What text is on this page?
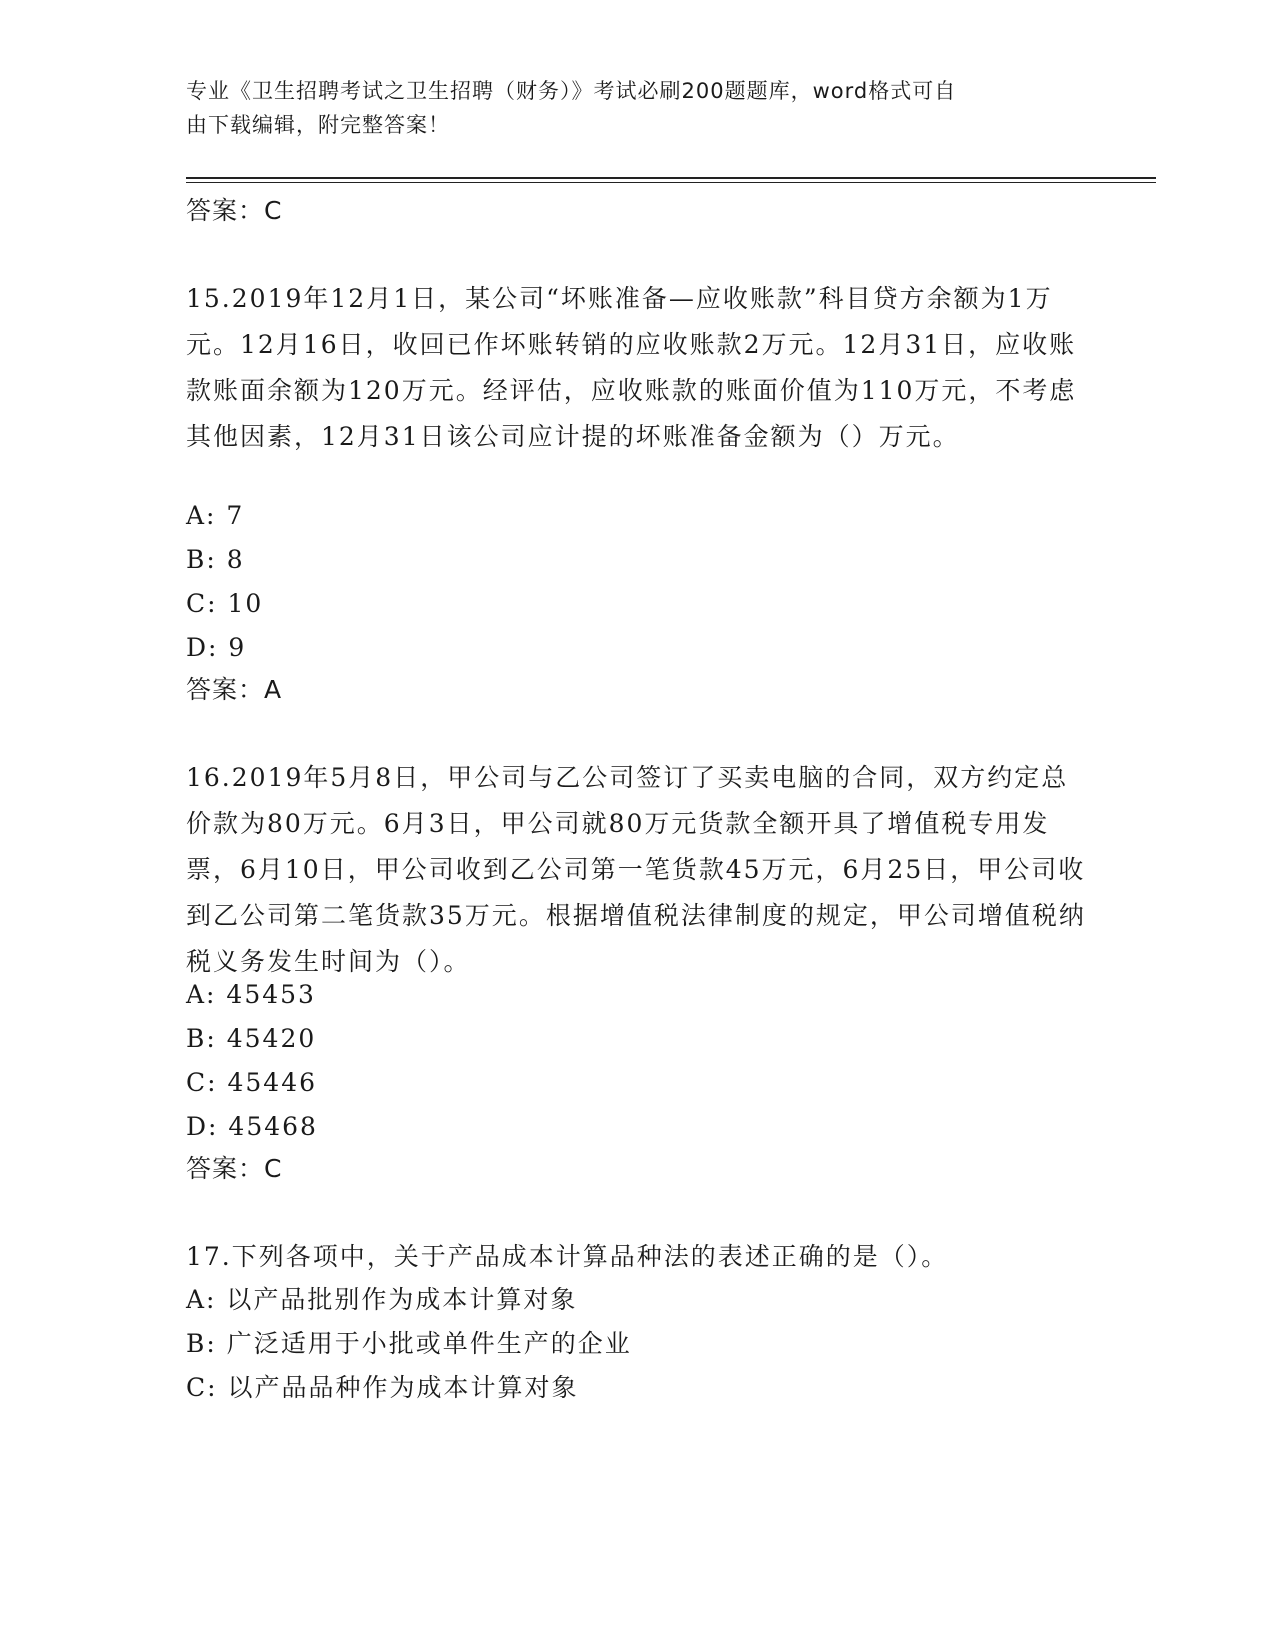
专业《卫生招聘考试之卫生招聘（财务）》考试必刷200题题库，word格式可自
由下载编辑，附完整答案！
答案：C
15.2019年12月1日，某公司“坏账准备—应收账款”科目贷方余额为1万元。12月16日，收回已作坏账转销的应收账款2万元。12月31日，应收账款账面余额为120万元。经评估，应收账款的账面价值为110万元，不考虑其他因素，12月31日该公司应计提的坏账准备金额为（）万元。
A: 7
B: 8
C: 10
D: 9
答案：A
16.2019年5月8日，甲公司与乙公司签订了买卖电脑的合同，双方约定总价款为80万元。6月3日，甲公司就80万元货款全额开具了增值税专用发票，6月10日，甲公司收到乙公司第一笔货款45万元，6月25日，甲公司收到乙公司第二笔货款35万元。根据增值税法律制度的规定，甲公司增值税纳税义务发生时间为（）。
A: 45453
B: 45420
C: 45446
D: 45468
答案：C
17.下列各项中，关于产品成本计算品种法的表述正确的是（）。
A: 以产品批别作为成本计算对象
B: 广泛适用于小批或单件生产的企业
C: 以产品品种作为成本计算对象
